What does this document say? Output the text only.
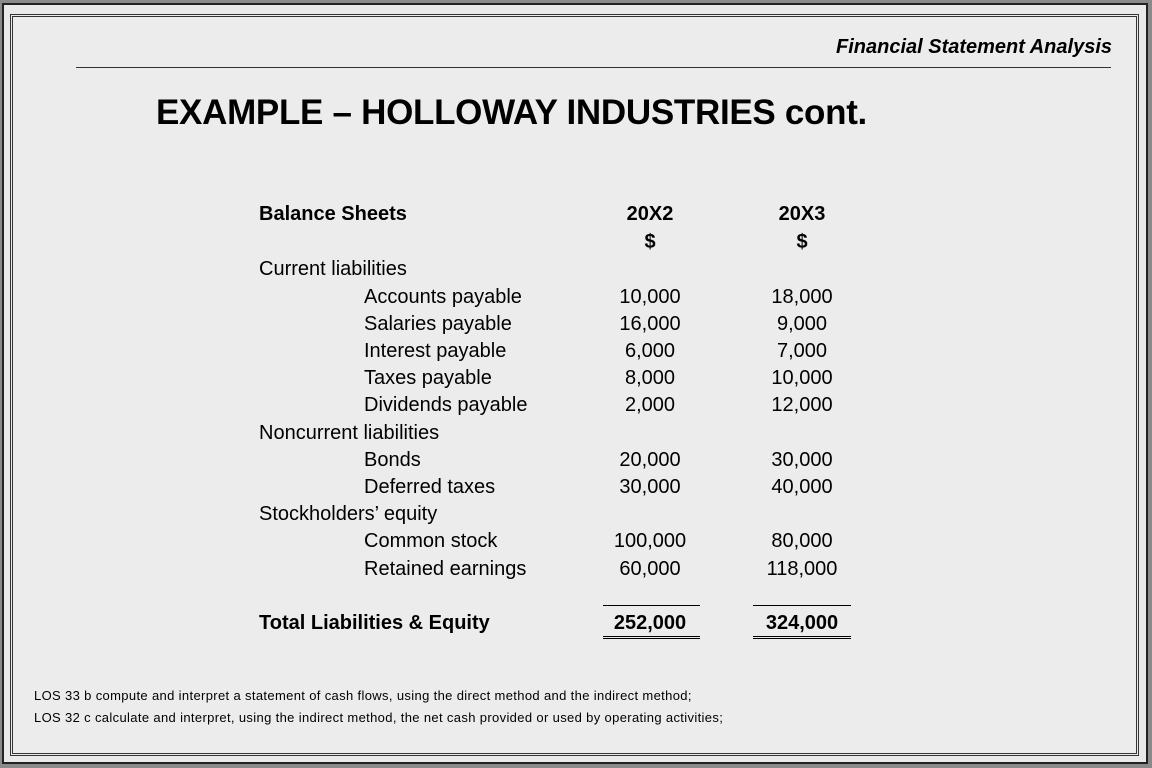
Financial Statement Analysis
EXAMPLE – HOLLOWAY INDUSTRIES cont.
Balance Sheets	20X2	20X3
$	$
Current liabilities
Accounts payable	10,000	18,000
Salaries payable	16,000	9,000
Interest payable	6,000	7,000
Taxes payable	8,000	10,000
Dividends payable	2,000	12,000
Noncurrent liabilities
Bonds	20,000	30,000
Deferred taxes	30,000	40,000
Stockholders’ equity
Common stock	100,000	80,000
Retained earnings	60,000	118,000
Total Liabilities & Equity	252,000	324,000
LOS 33 b compute and interpret a statement of cash flows, using the direct method and the indirect method;
LOS 32 c calculate and interpret, using the indirect method, the net cash provided or used by operating activities;
